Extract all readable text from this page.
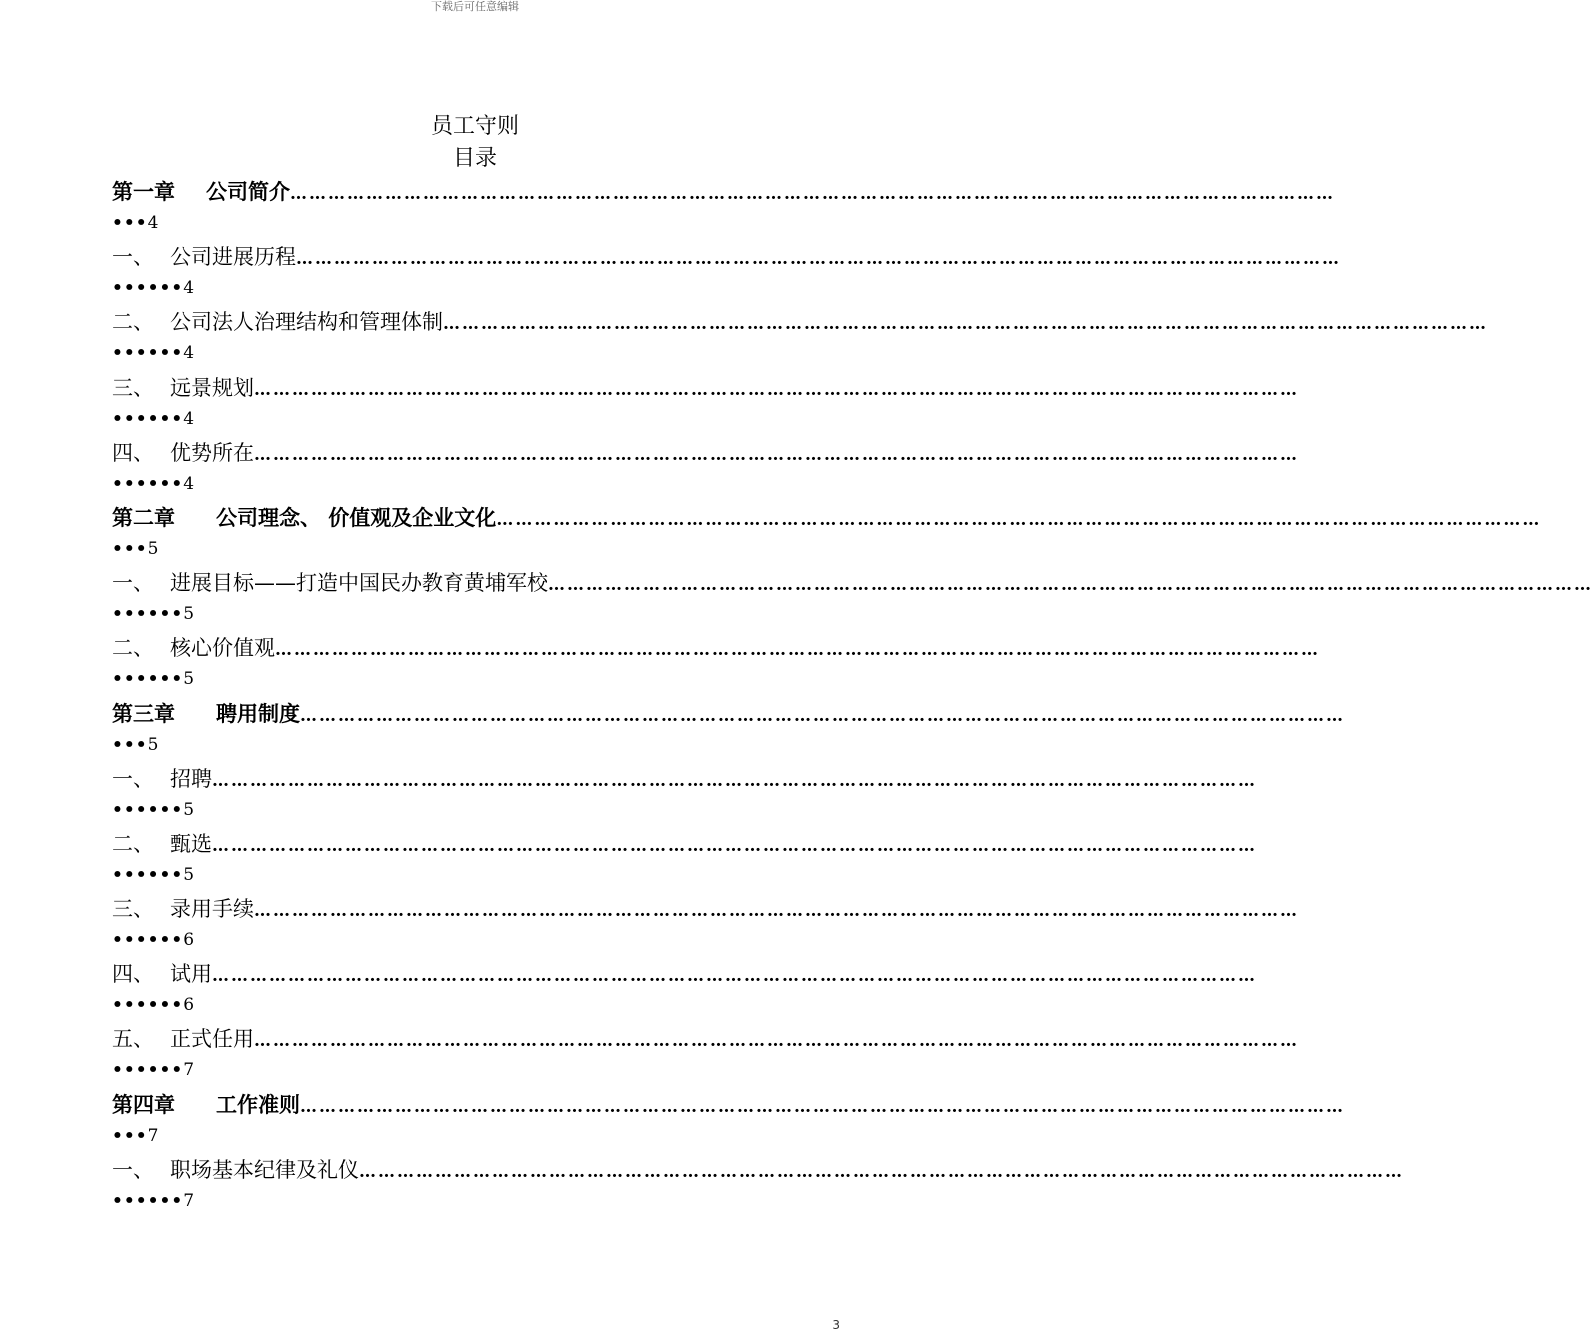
下载后可任意编辑
员工守则
目录
第一章 公司简介…………………………………………………………………………………………………………………………………………………
•••4
一、 公司进展历程…………………………………………………………………………………………………………………………………………………
••••••4
二、 公司法人治理结构和管理体制…………………………………………………………………………………………………………………………………………………
••••••4
三、 远景规划…………………………………………………………………………………………………………………………………………………
••••••4
四、 优势所在…………………………………………………………………………………………………………………………………………………
••••••4
第二章 公司理念、 价值观及企业文化…………………………………………………………………………………………………………………………………………………
•••5
一、 进展目标——打造中国民办教育黄埔军校…………………………………………………………………………………………………………………………………………………
••••••5
二、 核心价值观…………………………………………………………………………………………………………………………………………………
••••••5
第三章 聘用制度…………………………………………………………………………………………………………………………………………………
•••5
一、 招聘…………………………………………………………………………………………………………………………………………………
••••••5
二、 甄选…………………………………………………………………………………………………………………………………………………
••••••5
三、 录用手续…………………………………………………………………………………………………………………………………………………
••••••6
四、 试用…………………………………………………………………………………………………………………………………………………
••••••6
五、 正式任用…………………………………………………………………………………………………………………………………………………
••••••7
第四章 工作准则…………………………………………………………………………………………………………………………………………………
•••7
一、 职场基本纪律及礼仪…………………………………………………………………………………………………………………………………………………
••••••7
3
